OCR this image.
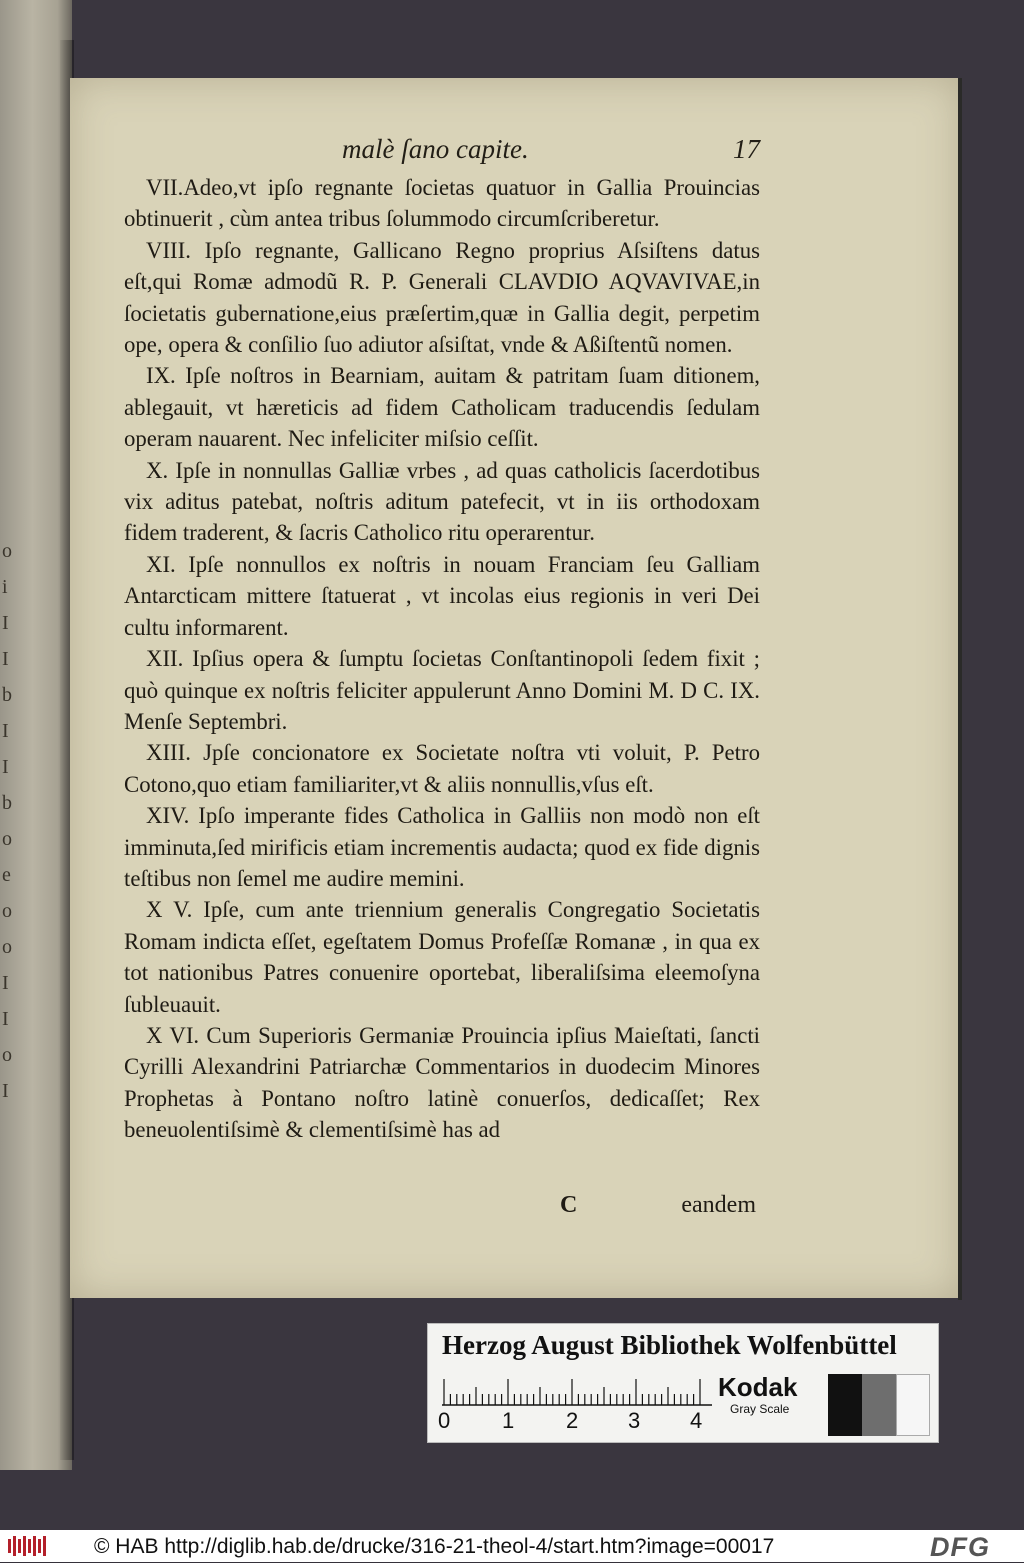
o
i
I
I
b
I
I
b
o
e
o
o
I
I
o
I
malè ſano capite.	17

VII.Adeo,vt ipſo regnante ſocietas quatuor in Gallia Prouincias obtinuerit , cùm antea tribus ſolummodo circumſcriberetur.

VIII. Ipſo regnante, Gallicano Regno proprius Aſsiſtens datus eſt,qui Romæ admodũ R. P. Generali CLAVDIO AQVAVIVAE,in ſocietatis gubernatione,eius præſertim,quæ in Gallia degit, perpetim ope, opera & conſilio ſuo adiutor aſsiſtat, vnde & Aßiſtentũ nomen.

IX. Ipſe noſtros in Bearniam, auitam & patritam ſuam ditionem, ablegauit, vt hæreticis ad fidem Catholicam traducendis ſedulam operam nauarent. Nec infeliciter miſsio ceſſit.

X. Ipſe in nonnullas Galliæ vrbes , ad quas catholicis ſacerdotibus vix aditus patebat, noſtris aditum patefecit, vt in iis orthodoxam fidem traderent, & ſacris Catholico ritu operarentur.

XI. Ipſe nonnullos ex noſtris in nouam Franciam ſeu Galliam Antarcticam mittere ſtatuerat , vt incolas eius regionis in veri Dei cultu informarent.

XII. Ipſius opera & ſumptu ſocietas Conſtantinopoli ſedem fixit ; quò quinque ex noſtris feliciter appulerunt Anno Domini M. D C. IX. Menſe Septembri.

XIII. Jpſe concionatore ex Societate noſtra vti voluit, P. Petro Cotono,quo etiam familiariter,vt & aliis nonnullis,vſus eſt.

XIV. Ipſo imperante fides Catholica in Galliis non modò non eſt imminuta,ſed mirificis etiam incrementis audacta; quod ex fide dignis teſtibus non ſemel me audire memini.

X V. Ipſe, cum ante triennium generalis Congregatio Societatis Romam indicta eſſet, egeſtatem Domus Profeſſæ Romanæ , in qua ex tot nationibus Patres conuenire oportebat, liberaliſsima eleemoſyna ſubleuauit.

X VI. Cum Superioris Germaniæ Prouincia ipſius Maieſtati, ſancti Cyrilli Alexandrini Patriarchæ Commentarios in duodecim Minores Prophetas à Pontano noſtro latinè conuerſos, dedicaſſet; Rex beneuolentiſsimè & clementiſsimè has ad

C	eandem
Herzog August Bibliothek Wolfenbüttel
0 1 2 3 4
Kodak
Gray Scale
© HAB http://diglib.hab.de/drucke/316-21-theol-4/start.htm?image=00017	DFG
